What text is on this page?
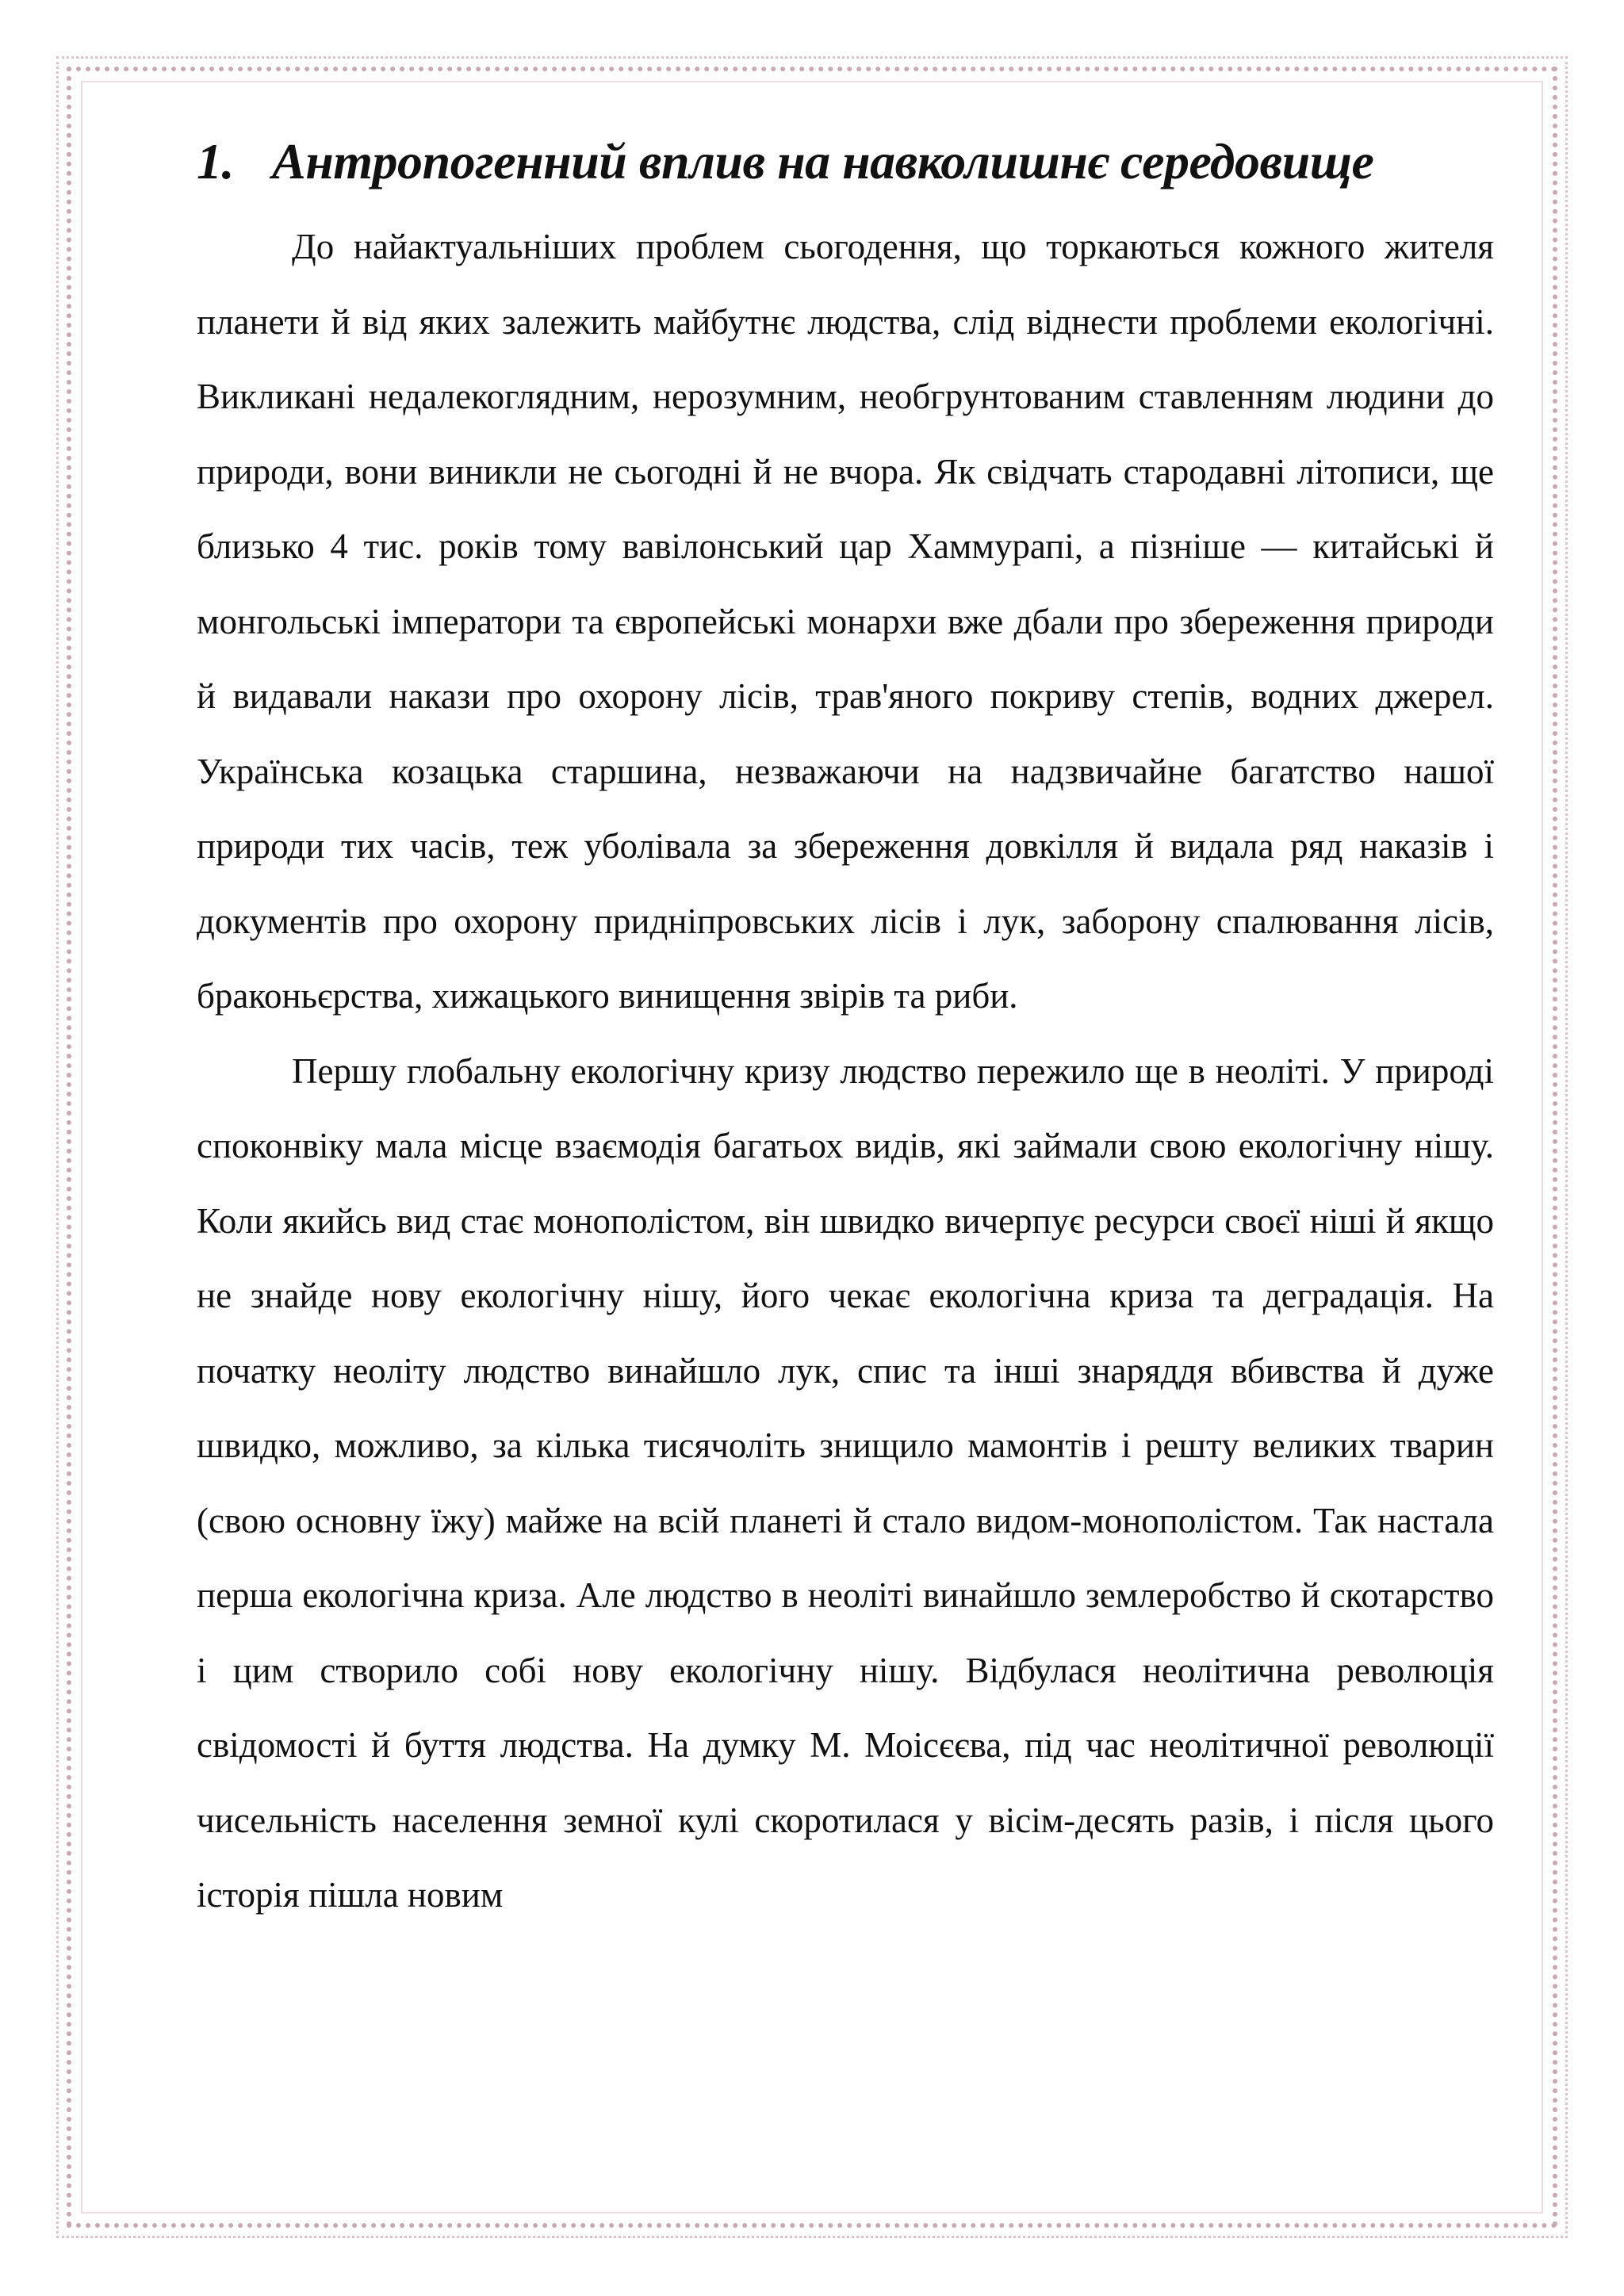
1. Антропогенний вплив на навколишнє середовище

До найактуальніших проблем сьогодення, що торкаються кожного жителя планети й від яких залежить майбутнє людства, слід віднести проблеми екологічні. Викликані недалекоглядним, нерозумним, необгрунтованим ставленням людини до природи, вони виникли не сьогодні й не вчора. Як свідчать стародавні літописи, ще близько 4 тис. років тому вавілонський цар Хаммурапі, а пізніше — китайські й монгольські імператори та європейські монархи вже дбали про збереження природи й видавали накази про охорону лісів, трав'яного покриву степів, водних джерел. Українська козацька старшина, незважаючи на надзвичайне багатство нашої природи тих часів, теж уболівала за збереження довкілля й видала ряд наказів і документів про охорону придніпровських лісів і лук, заборону спалювання лісів, браконьєрства, хижацького винищення звірів та риби.

Першу глобальну екологічну кризу людство пережило ще в неоліті. У природі споконвіку мала місце взаємодія багатьох видів, які займали свою екологічну нішу. Коли якийсь вид стає монополістом, він швидко вичерпує ресурси своєї ніші й якщо не знайде нову екологічну нішу, його чекає екологічна криза та деградація. На початку неоліту людство винайшло лук, спис та інші знаряддя вбивства й дуже швидко, можливо, за кілька тисячоліть знищило мамонтів і решту великих тварин (свою основну їжу) майже на всій планеті й стало видом-монополістом. Так настала перша екологічна криза. Але людство в неоліті винайшло землеробство й скотарство і цим створило собі нову екологічну нішу. Відбулася неолітична революція свідомості й буття людства. На думку М. Моісєєва, під час неолітичної революції чисельність населення земної кулі скоротилася у вісім-десять разів, і після цього історія пішла новим
